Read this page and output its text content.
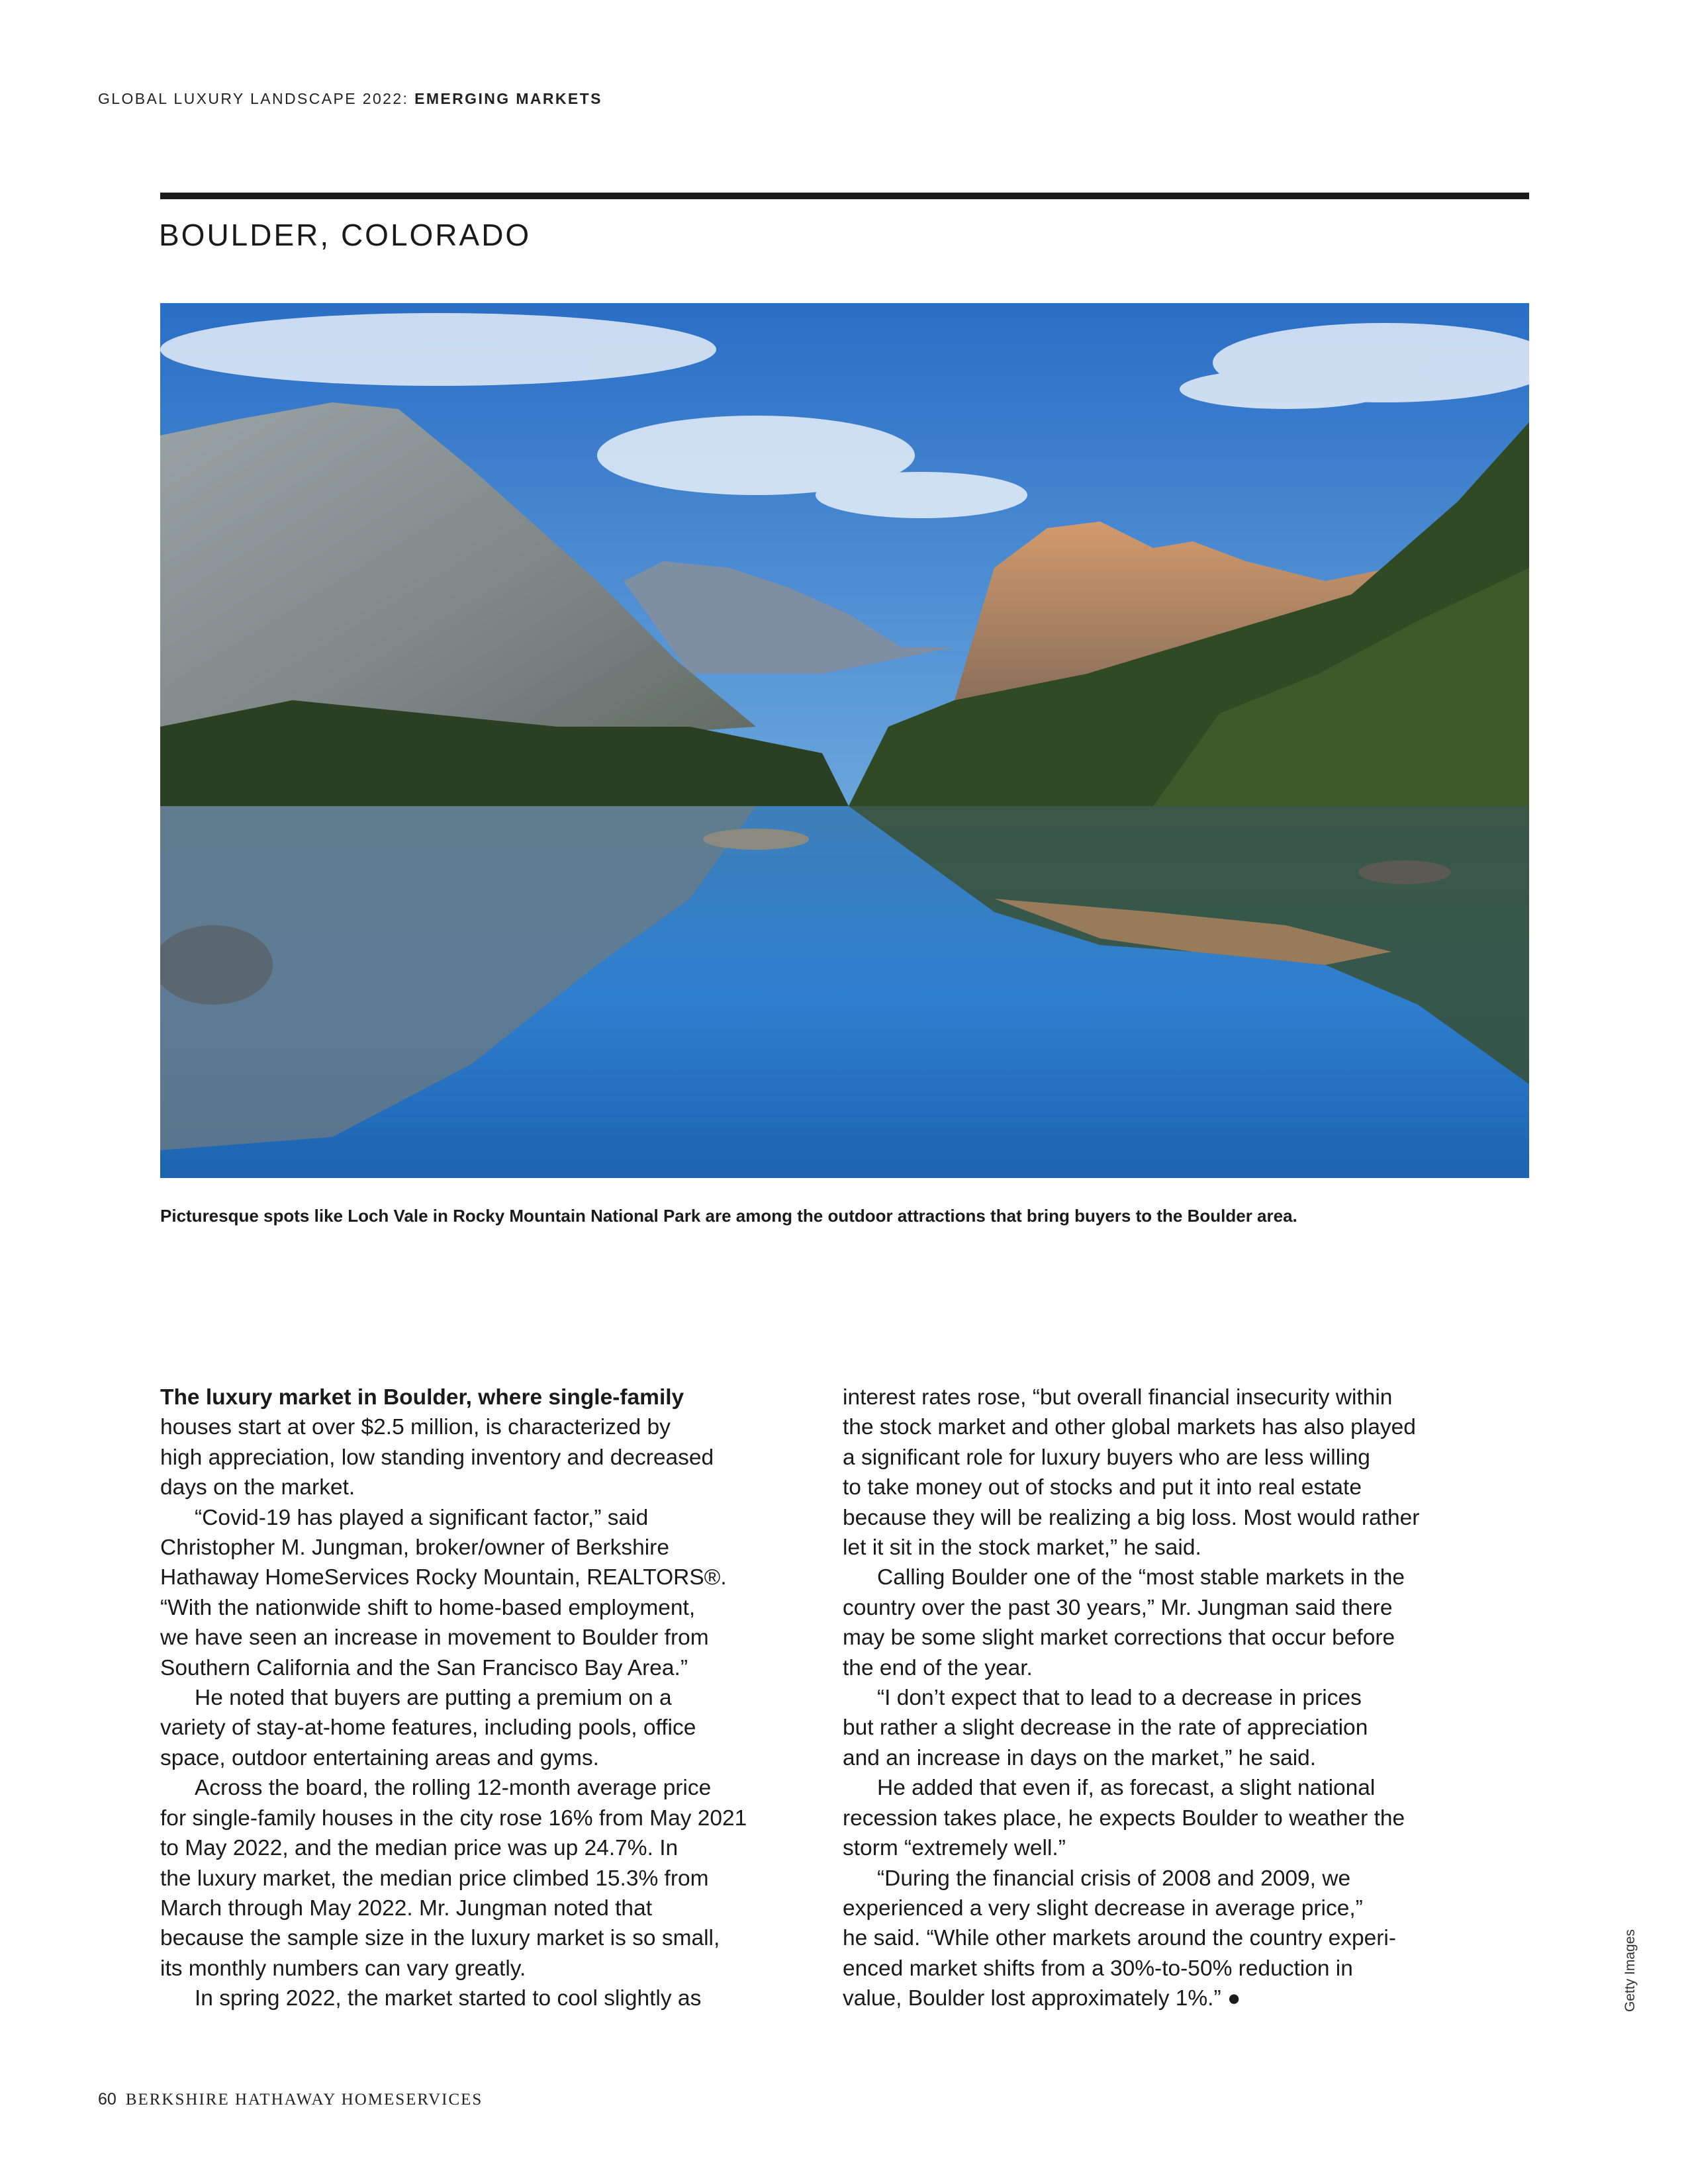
GLOBAL LUXURY LANDSCAPE 2022: EMERGING MARKETS
BOULDER, COLORADO
Picturesque spots like Loch Vale in Rocky Mountain National Park are among the outdoor attractions that bring buyers to the Boulder area.

The luxury market in Boulder, where single-family

houses start at over $2.5 million, is characterized by

high appreciation, low standing inventory and decreased

days on the market.

“Covid-19 has played a significant factor,” said

Christopher M. Jungman, broker/owner of Berkshire

Hathaway HomeServices Rocky Mountain, REALTORS®.

“With the nationwide shift to home-based employment,

we have seen an increase in movement to Boulder from

Southern California and the San Francisco Bay Area.”

He noted that buyers are putting a premium on a

variety of stay-at-home features, including pools, office

space, outdoor entertaining areas and gyms.

Across the board, the rolling 12-month average price

for single-family houses in the city rose 16% from May 2021

to May 2022, and the median price was up 24.7%. In

the luxury market, the median price climbed 15.3% from

March through May 2022. Mr. Jungman noted that

because the sample size in the luxury market is so small,

its monthly numbers can vary greatly.

In spring 2022, the market started to cool slightly as

interest rates rose, “but overall financial insecurity within

the stock market and other global markets has also played

a significant role for luxury buyers who are less willing

to take money out of stocks and put it into real estate

because they will be realizing a big loss. Most would rather

let it sit in the stock market,” he said.

Calling Boulder one of the “most stable markets in the

country over the past 30 years,” Mr. Jungman said there

may be some slight market corrections that occur before

the end of the year.

“I don’t expect that to lead to a decrease in prices

but rather a slight decrease in the rate of appreciation

and an increase in days on the market,” he said.

He added that even if, as forecast, a slight national

recession takes place, he expects Boulder to weather the

storm “extremely well.”

“During the financial crisis of 2008 and 2009, we

experienced a very slight decrease in average price,”

he said. “While other markets around the country experi-

enced market shifts from a 30%-to-50% reduction in

value, Boulder lost approximately 1%.” ●	Getty Images
60 BERKSHIRE HATHAWAY HOMESERVICES
